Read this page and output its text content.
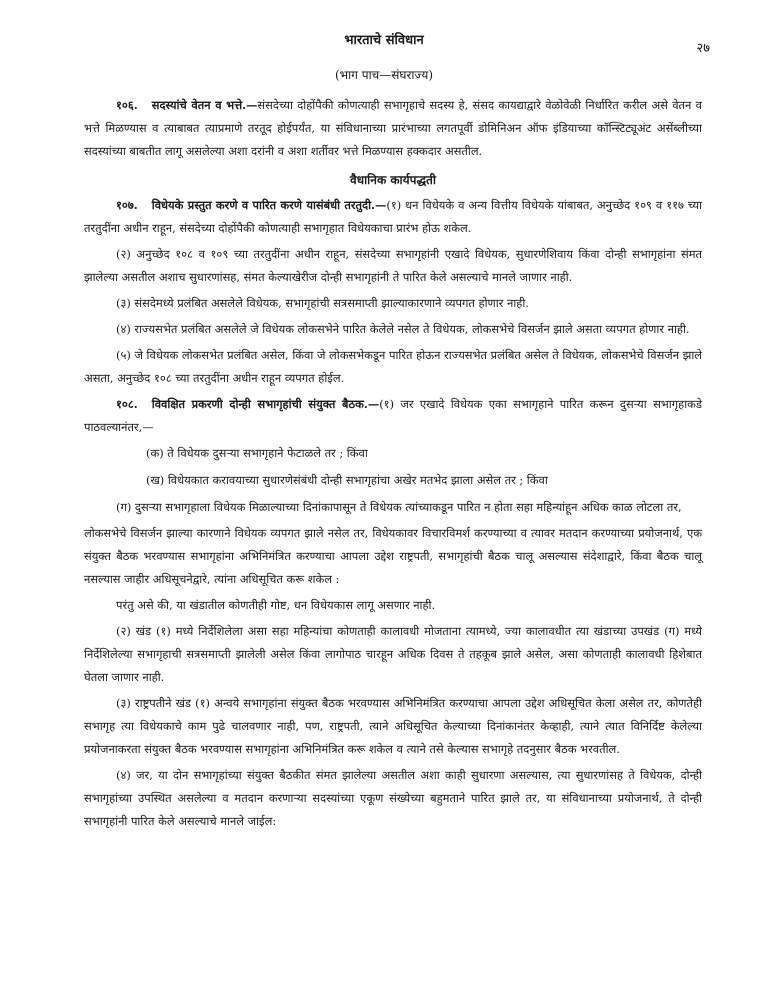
भारताचे संविधान
२७
(भाग पाच—संघराज्य)

१०६. सदस्यांचे वेतन व भत्ते.—संसदेच्या दोहोंपैकी कोणत्याही सभागृहाचे सदस्य हे, संसद कायद्याद्वारे वेळोवेळी निर्धारित करील असे वेतन व भत्ते मिळण्यास व त्याबाबत त्याप्रमाणे तरतूद होईपर्यंत, या संविधानाच्या प्रारंभाच्या लगतपूर्वी डोमिनिअन ऑफ इंडियाच्या कॉन्स्टिट्यूअंट असेंब्लीच्या सदस्यांच्या बाबतीत लागू असलेल्या अशा दरांनी व अशा शर्तीवर भत्ते मिळण्यास हक्कदार असतील.

वैधानिक कार्यपद्धती

१०७. विधेयके प्रस्तुत करणे व पारित करणे यासंबंधी तरतुदी.—(१) धन विधेयके व अन्य वित्तीय विधेयके यांबाबत, अनुच्छेद १०९ व ११७ च्या तरतुदींना अधीन राहून, संसदेच्या दोहोंपैकी कोणत्याही सभागृहात विधेयकाचा प्रारंभ होऊ शकेल.

(२) अनुच्छेद १०८ व १०९ च्या तरतुदींना अधीन राहून, संसदेच्या सभागृहांनी एखादे विधेयक, सुधारणेशिवाय किंवा दोन्ही सभागृहांना संमत झालेल्या असतील अशाच सुधारणांसह, संमत केल्याखेरीज दोन्ही सभागृहांनी ते पारित केले असल्याचे मानले जाणार नाही.

(३) संसदेमध्ये प्रलंबित असलेले विधेयक, सभागृहांची सत्रसमाप्ती झाल्याकारणाने व्यपगत होणार नाही.

(४) राज्यसभेत प्रलंबित असलेले जे विधेयक लोकसभेने पारित केलेले नसेल ते विधेयक, लोकसभेचे विसर्जन झाले असता व्यपगत होणार नाही.

(५) जे विधेयक लोकसभेत प्रलंबित असेल, किंवा जे लोकसभेकडून पारित होऊन राज्यसभेत प्रलंबित असेल ते विधेयक, लोकसभेचे विसर्जन झाले असता, अनुच्छेद १०८ च्या तरतुदींना अधीन राहून व्यपगत होईल.

१०८. विवक्षित प्रकरणी दोन्ही सभागृहांची संयुक्त बैठक.—(१) जर एखादे विधेयक एका सभागृहाने पारित करून दुसऱ्या सभागृहाकडे पाठवल्यानंतर,—

(क) ते विधेयक दुसऱ्या सभागृहाने फेटाळले तर ; किंवा

(ख) विधेयकात करावयाच्या सुधारणेसंबंधी दोन्ही सभागृहांचा अखेर मतभेद झाला असेल तर ; किंवा

(ग) दुसऱ्या सभागृहाला विधेयक मिळाल्याच्या दिनांकापासून ते विधेयक त्यांच्याकडून पारित न होता सहा महिन्यांहून अधिक काळ लोटला तर,

लोकसभेचे विसर्जन झाल्या कारणाने विधेयक व्यपगत झाले नसेल तर, विधेयकावर विचारविमर्श करण्याच्या व त्यावर मतदान करण्याच्या प्रयोजनार्थ, एक संयुक्त बैठक भरवण्यास सभागृहांना अभिनिमंत्रित करण्याचा आपला उद्देश राष्ट्रपती, सभागृहांची बैठक चालू असल्यास संदेशाद्वारे, किंवा बैठक चालू नसल्यास जाहीर अधिसूचनेद्वारे, त्यांना अधिसूचित करू शकेल :

परंतु असे की, या खंडातील कोणतीही गोष्ट, धन विधेयकास लागू असणार नाही.

(२) खंड (१) मध्ये निर्देशिलेला असा सहा महिन्यांचा कोणताही कालावधी मोजताना त्यामध्ये, ज्या कालावधीत त्या खंडाच्या उपखंड (ग) मध्ये निर्देशिलेल्या सभागृहाची सत्रसमाप्ती झालेली असेल किंवा लागोपाठ चारहून अधिक दिवस ते तहकूब झाले असेल, असा कोणताही कालावधी हिशेबात घेतला जाणार नाही.

(३) राष्ट्रपतीने खंड (१) अन्वये सभागृहांना संयुक्त बैठक भरवण्यास अभिनिमंत्रित करण्याचा आपला उद्देश अधिसूचित केला असेल तर, कोणतेही सभागृह त्या विधेयकाचे काम पुढे चालवणार नाही, पण, राष्ट्रपती, त्याने अधिसूचित केल्याच्या दिनांकानंतर केव्हाही, त्याने त्यात विनिर्दिष्ट केलेल्या प्रयोजनाकरता संयुक्त बैठक भरवण्यास सभागृहांना अभिनिमंत्रित करू शकेल व त्याने तसे केल्यास सभागृहे तदनुसार बैठक भरवतील.

(४) जर, या दोन सभागृहांच्या संयुक्त बैठकीत संमत झालेल्या असतील अशा काही सुधारणा असल्यास, त्या सुधारणांसह ते विधेयक, दोन्ही सभागृहांच्या उपस्थित असलेल्या व मतदान करणाऱ्या सदस्यांच्या एकूण संख्येच्या बहुमताने पारित झाले तर, या संविधानाच्या प्रयोजनार्थ, ते दोन्ही सभागृहांनी पारित केले असल्याचे मानले जाईल:
